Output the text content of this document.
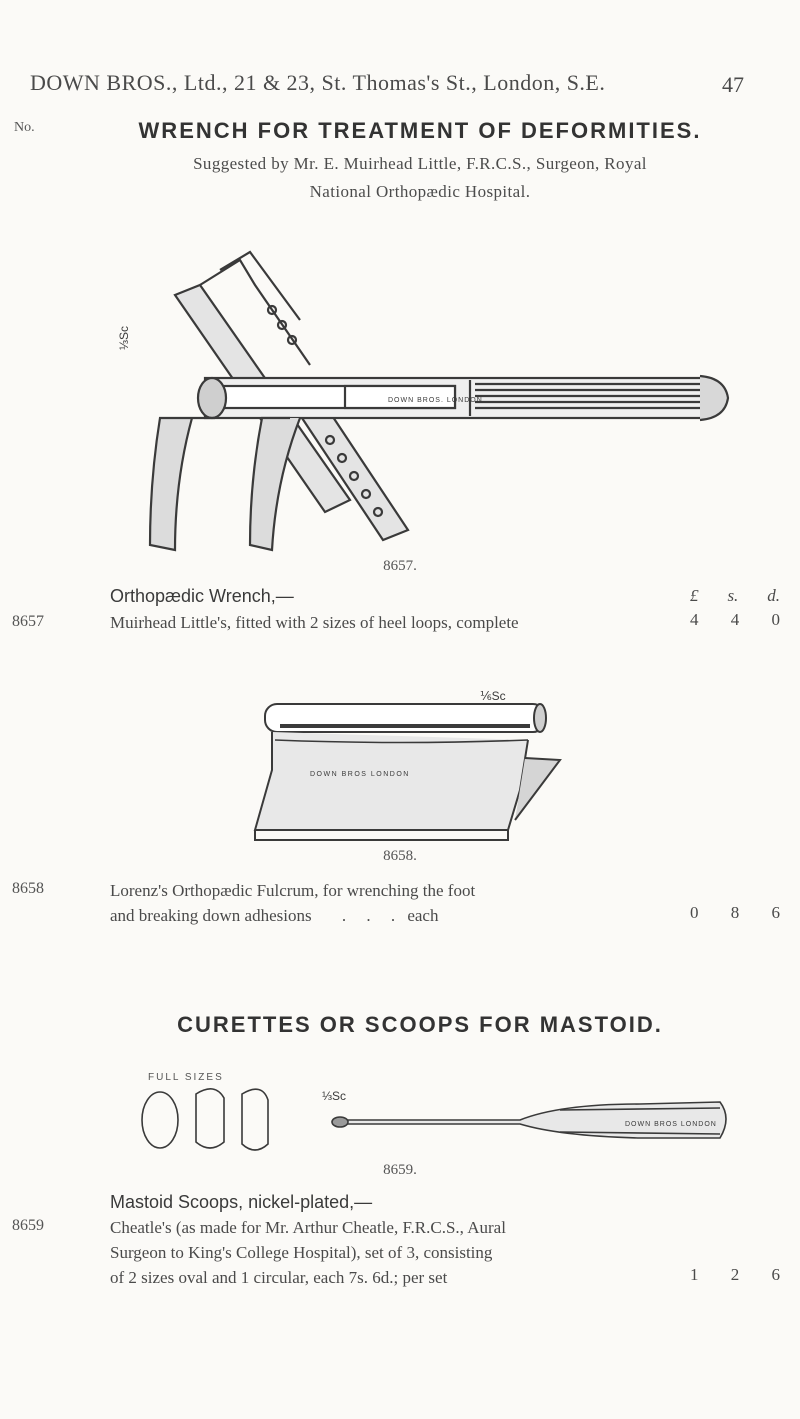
DOWN BROS., Ltd., 21 & 23, St. Thomas's St., London, S.E.	47
No.	WRENCH FOR TREATMENT OF DEFORMITIES.
Suggested by Mr. E. Muirhead Little, F.R.C.S., Surgeon, Royal
National Orthopædic Hospital.
⅓Sc
DOWN BROS. LONDON
8657.
Orthopædic Wrench,—	£ s. d.
8657	Muirhead Little's, fitted with 2 sizes of heel loops, complete	4 4 0
⅙Sc
DOWN BROS LONDON
8658.
8658	Lorenz's Orthopædic Fulcrum, for wrenching the foot
and breaking down adhesions . . . each	0 8 6
CURETTES OR SCOOPS FOR MASTOID.
FULL SIZES
⅓Sc
DOWN BROS LONDON
8659.
Mastoid Scoops, nickel-plated,—
8659	Cheatle's (as made for Mr. Arthur Cheatle, F.R.C.S., Aural
Surgeon to King's College Hospital), set of 3, consisting
of 2 sizes oval and 1 circular, each 7s. 6d.; per set	1 2 6
